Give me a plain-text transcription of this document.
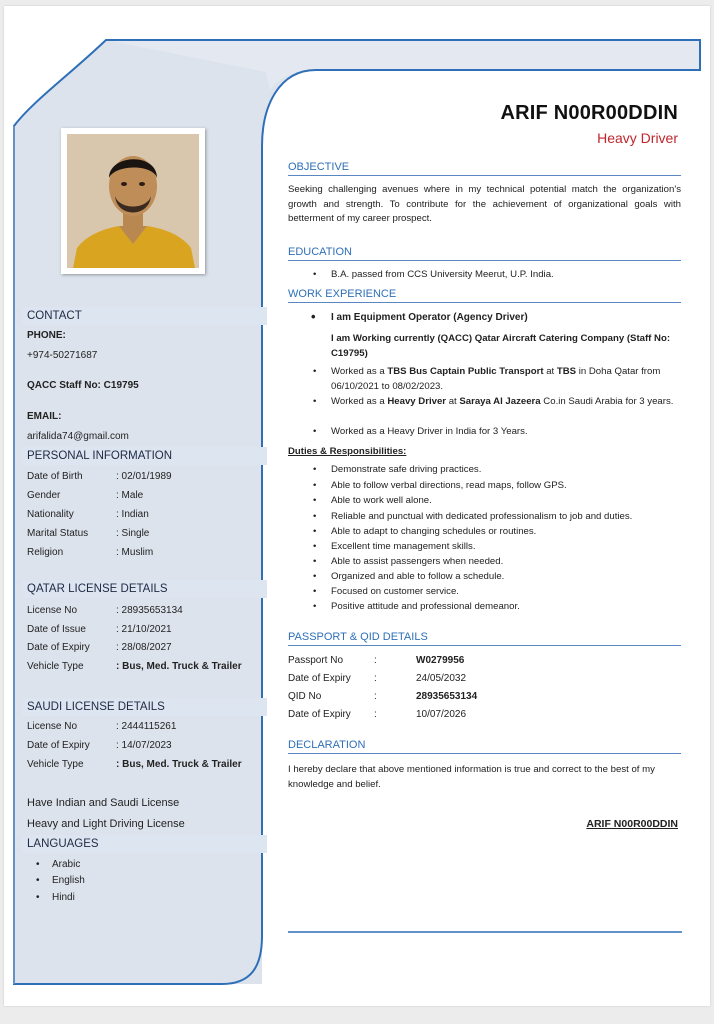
CONTACT
PHONE:
+974-50271687
QACC Staff No: C19795
EMAIL:
arifalida74@gmail.com
PERSONAL INFORMATION
Date of Birth	: 02/01/1989
Gender	: Male
Nationality	: Indian
Marital Status	: Single
Religion	: Muslim
QATAR LICENSE DETAILS
License No	: 28935653134
Date of Issue	: 21/10/2021
Date of Expiry	: 28/08/2027
Vehicle Type	: Bus, Med. Truck & Trailer
SAUDI LICENSE DETAILS
License No	: 2444115261
Date of Expiry	: 14/07/2023
Vehicle Type	: Bus, Med. Truck & Trailer
Have Indian and Saudi License
Heavy and Light Driving License
LANGUAGES
• Arabic
• English
• Hindi
ARIF N00R00DDIN
Heavy Driver
OBJECTIVE
Seeking challenging avenues where in my technical potential match the organization's growth and strength. To contribute for the achievement of organizational goals with betterment of my career prospect.
EDUCATION
• B.A. passed from CCS University Meerut, U.P. India.
WORK EXPERIENCE
• I am Equipment Operator (Agency Driver)
I am Working currently (QACC) Qatar Aircraft Catering Company (Staff No: C19795)
• Worked as a TBS Bus Captain Public Transport at TBS in Doha Qatar from 06/10/2021 to 08/02/2023.
• Worked as a Heavy Driver at Saraya Al Jazeera Co.in Saudi Arabia for 3 years.
• Worked as a Heavy Driver in India for 3 Years.
Duties & Responsibilities:
• Demonstrate safe driving practices.
• Able to follow verbal directions, read maps, follow GPS.
• Able to work well alone.
• Reliable and punctual with dedicated professionalism to job and duties.
• Able to adapt to changing schedules or routines.
• Excellent time management skills.
• Able to assist passengers when needed.
• Organized and able to follow a schedule.
• Focused on customer service.
• Positive attitude and professional demeanor.
PASSPORT & QID DETAILS
Passport No	:	W0279956
Date of Expiry :	24/05/2032
QID No	:	28935653134
Date of Expiry :	10/07/2026
DECLARATION
I hereby declare that above mentioned information is true and correct to the best of my knowledge and belief.
ARIF N00R00DDIN
